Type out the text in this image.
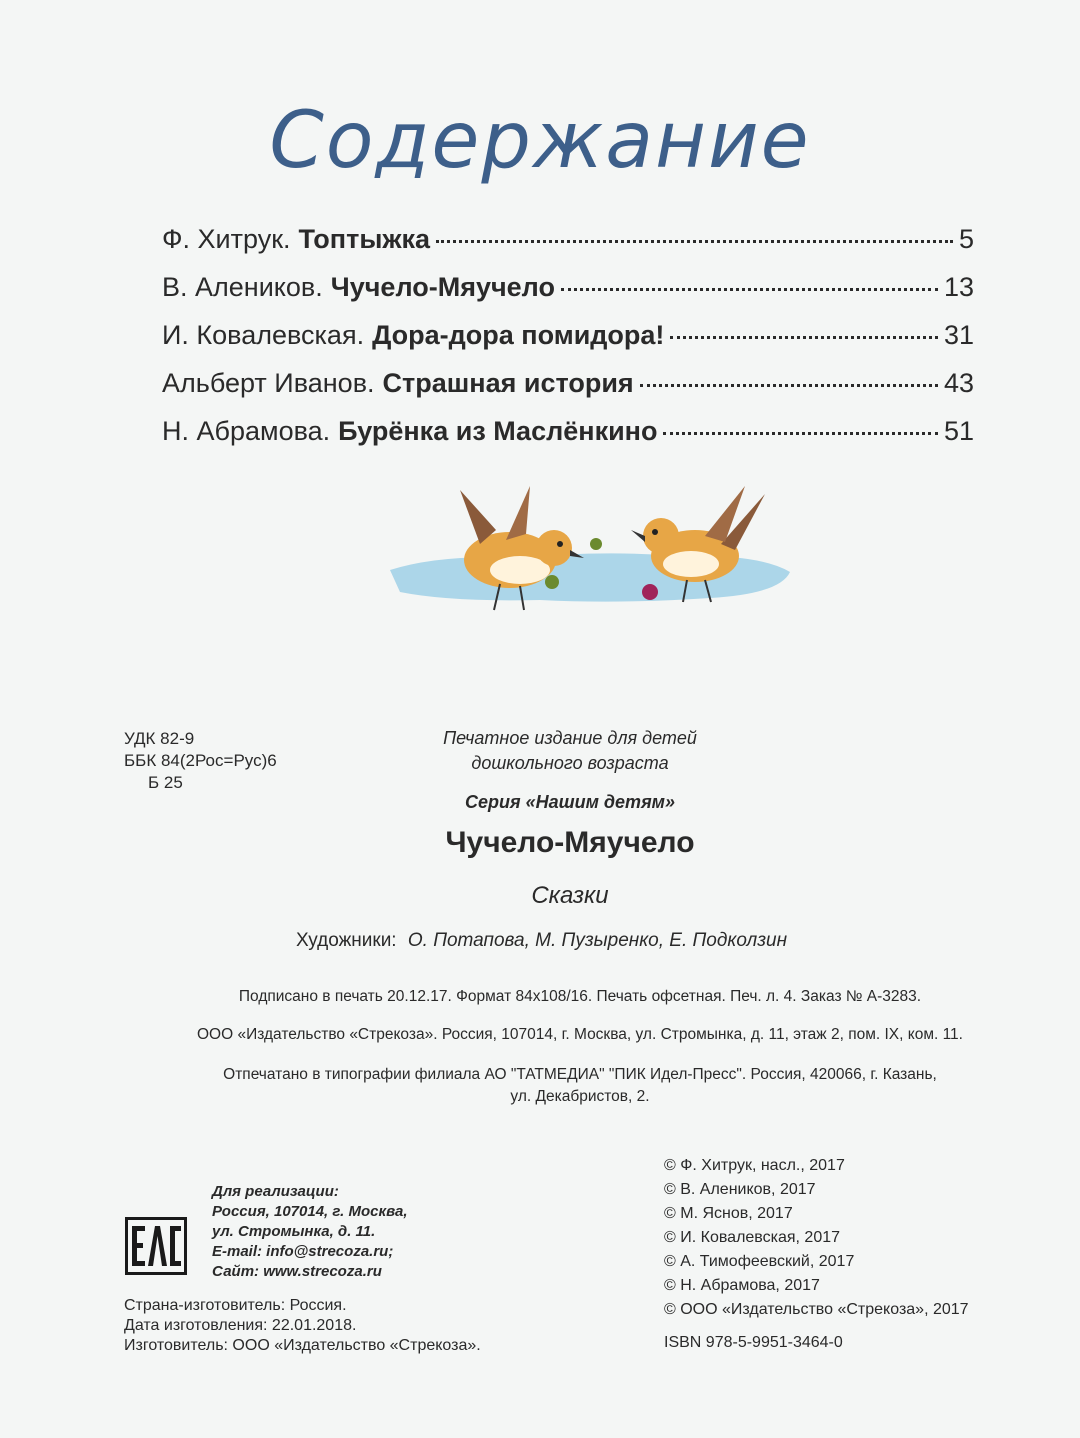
Содержание
Ф. Хитрук. Топтыжка	5
В. Алеников. Чучело-Мяучело	13
И. Ковалевская. Дора-дора помидора!	31
Альберт Иванов. Страшная история	43
Н. Абрамова. Бурёнка из Маслёнкино	51
УДК 82-9
ББК 84(2Рос=Рус)6
Б 25
Печатное издание для детей
дошкольного возраста
Серия «Нашим детям»
Чучело-Мяучело
Сказки
Художники: О. Потапова, М. Пузыренко, Е. Подколзин
Подписано в печать 20.12.17. Формат 84х108/16. Печать офсетная. Печ. л. 4. Заказ № А-3283.
ООО «Издательство «Стрекоза». Россия, 107014, г. Москва, ул. Стромынка, д. 11, этаж 2, пом. IX, ком. 11.
Отпечатано в типографии филиала АО "ТАТМЕДИА" "ПИК Идел-Пресс". Россия, 420066, г. Казань,
ул. Декабристов, 2.
© Ф. Хитрук, насл., 2017
© В. Алеников, 2017
© М. Яснов, 2017
© И. Ковалевская, 2017
© А. Тимофеевский, 2017
© Н. Абрамова, 2017
© ООО «Издательство «Стрекоза», 2017
Для реализации:
Россия, 107014, г. Москва,
ул. Стромынка, д. 11.
E-mail: info@strecoza.ru;
Сайт: www.strecoza.ru
Страна-изготовитель: Россия.
Дата изготовления: 22.01.2018.
Изготовитель: ООО «Издательство «Стрекоза».	ISBN 978-5-9951-3464-0
